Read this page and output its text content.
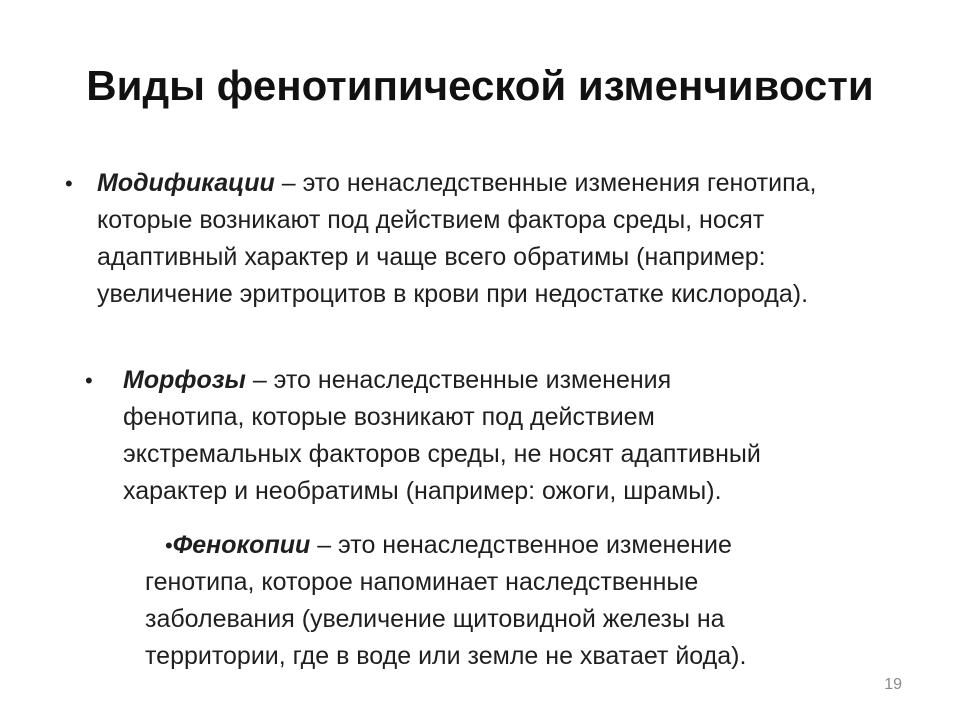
Виды фенотипической изменчивости
• Модификации – это ненаследственные изменения генотипа,
которые возникают под действием фактора среды, носят
адаптивный характер и чаще всего обратимы (например:
увеличение эритроцитов в крови при недостатке кислорода).
• Морфозы – это ненаследственные изменения
фенотипа, которые возникают под действием
экстремальных факторов среды, не носят адаптивный
характер и необратимы (например: ожоги, шрамы).
•Фенокопии – это ненаследственное изменение
генотипа, которое напоминает наследственные
заболевания (увеличение щитовидной железы на
территории, где в воде или земле не хватает йода).
19
